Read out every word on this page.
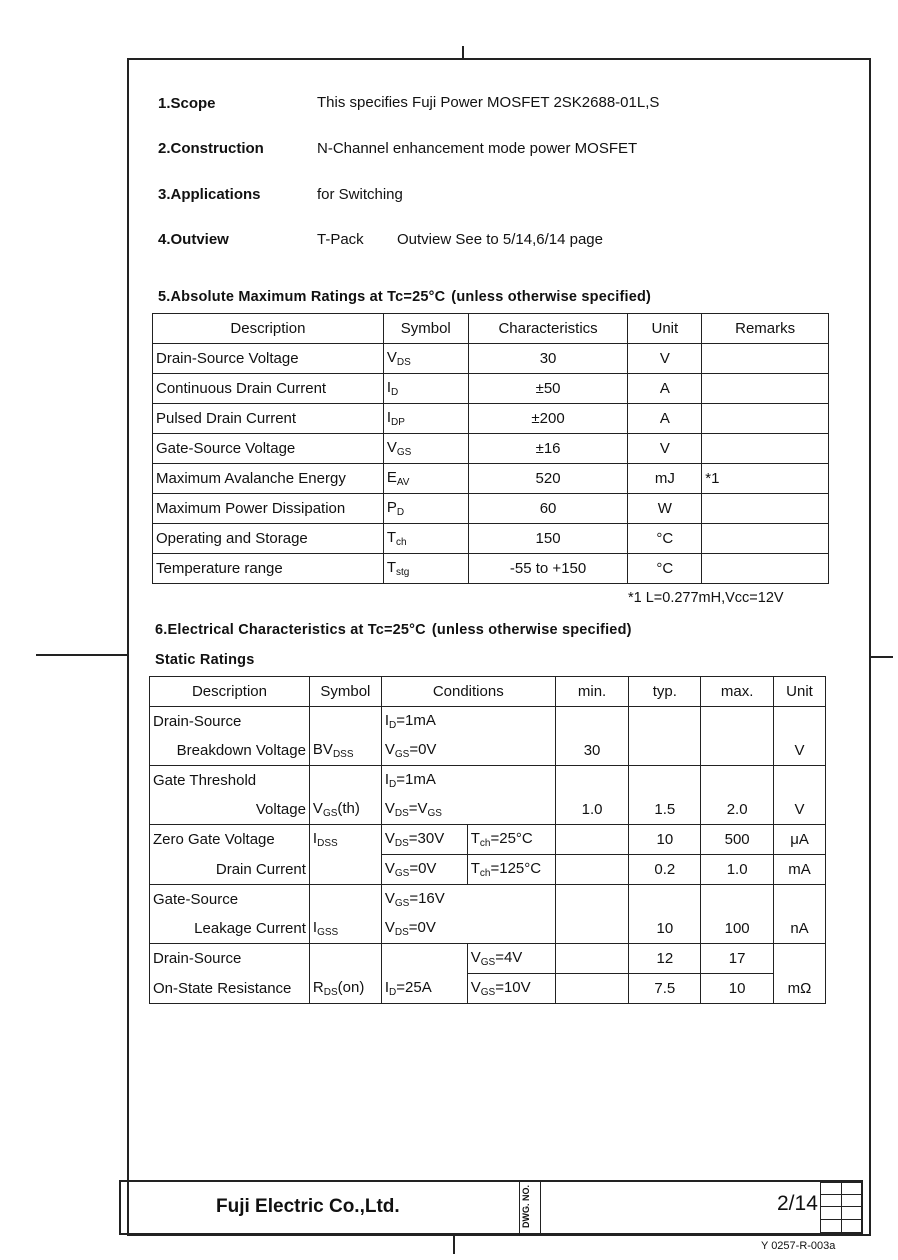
1.Scope	This specifies Fuji Power MOSFET 2SK2688-01L,S
2.Construction	N-Channel enhancement mode power MOSFET
3.Applications	for Switching
4.Outview	T-Pack Outview See to 5/14,6/14 page
5.Absolute Maximum Ratings at Tc=25°C (unless otherwise specified)
Description	Symbol	Characteristics	Unit	Remarks
Drain-Source Voltage	$V_{DS}$	30	V	
Continuous Drain Current	$I_D$	±50	A	
Pulsed Drain Current	$I_{DP}$	±200	A	
Gate-Source Voltage	$V_{GS}$	±16	V	
Maximum Avalanche Energy	$E_{AV}$	520	mJ	*1
Maximum Power Dissipation	$P_D$	60	W	
Operating and Storage	$T_{ch}$	150	°C	
Temperature range	$T_{stg}$	-55 to +150	°C	
*1 L=0.277mH,Vcc=12V
6.Electrical Characteristics at Tc=25°C (unless otherwise specified)
Static Ratings
Description	Symbol	Conditions		min.	typ.	max.	Unit
Drain-Source		$I_D=1mA$					
Breakdown Voltage	$BV_{DSS}$	$V_{GS}=0V$		30			V
Gate Threshold		$I_D=1mA$					
Voltage	$V_{GS}(th)$	$V_{DS}=V_{GS}$		1.0	1.5	2.0	V
Zero Gate Voltage	$I_{DSS}$	$V_{DS}=30V$	$T_{ch}=25^\circ C$		10	500	μA
Drain Current		$V_{GS}=0V$	$T_{ch}=125^\circ C$		0.2	1.0	mA
Gate-Source		$V_{GS}=16V$					
Leakage Current	$I_{GSS}$	$V_{DS}=0V$			10	100	nA
Drain-Source			$V_{GS}=4V$		12	17	
On-State Resistance	$R_{DS}(on)$	$I_D=25A$	$V_{GS}=10V$		7.5	10	mΩ
Fuji Electric Co.,Ltd.	DWG. NO.	2/14
Y 0257-R-003a
